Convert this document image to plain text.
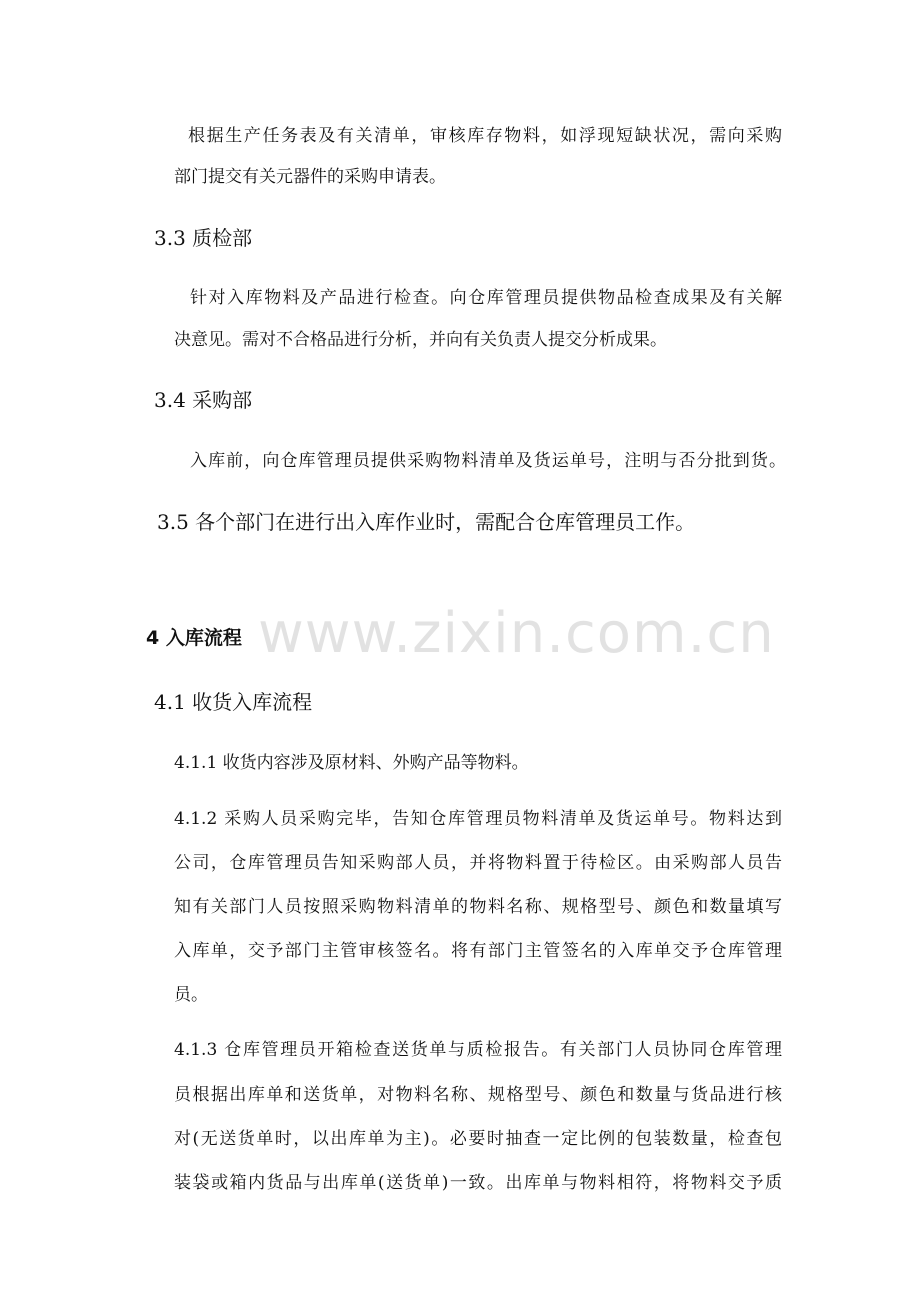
www.zixin.com.cn
根据生产任务表及有关清单，审核库存物料，如浮现短缺状况，需向采购
部门提交有关元器件的采购申请表。
3.3 质检部
针对入库物料及产品进行检查。向仓库管理员提供物品检查成果及有关解
决意见。需对不合格品进行分析，并向有关负责人提交分析成果。
3.4 采购部
入库前，向仓库管理员提供采购物料清单及货运单号，注明与否分批到货。
3.5 各个部门在进行出入库作业时，需配合仓库管理员工作。
4 入库流程
4.1 收货入库流程
4.1.1 收货内容涉及原材料、外购产品等物料。
4.1.2 采购人员采购完毕，告知仓库管理员物料清单及货运单号。物料达到
公司，仓库管理员告知采购部人员，并将物料置于待检区。由采购部人员告
知有关部门人员按照采购物料清单的物料名称、规格型号、颜色和数量填写
入库单，交予部门主管审核签名。将有部门主管签名的入库单交予仓库管理
员。
4.1.3 仓库管理员开箱检查送货单与质检报告。有关部门人员协同仓库管理
员根据出库单和送货单，对物料名称、规格型号、颜色和数量与货品进行核
对(无送货单时，以出库单为主)。必要时抽查一定比例的包装数量，检查包
装袋或箱内货品与出库单(送货单)一致。出库单与物料相符，将物料交予质
